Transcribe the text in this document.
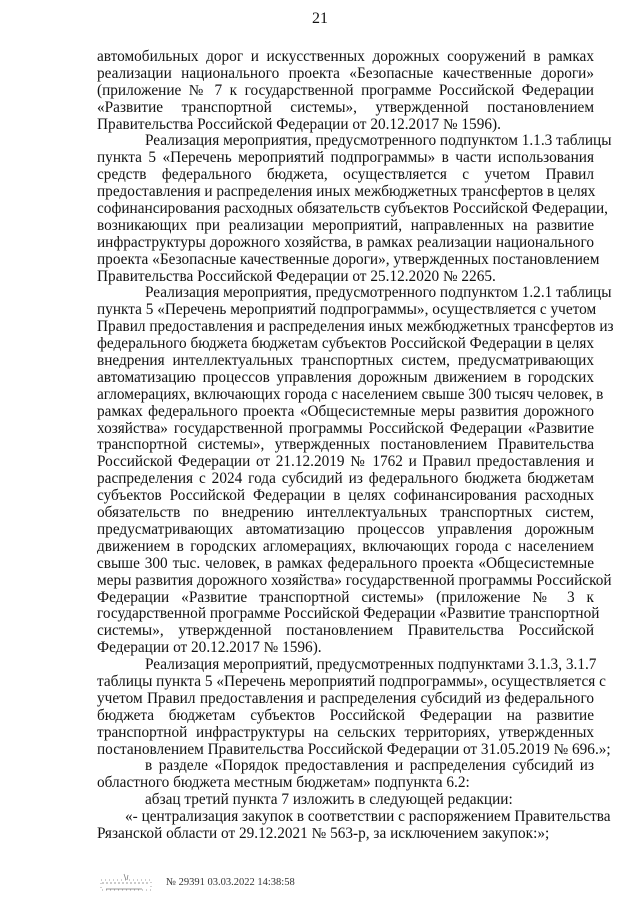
21
автомобильных дорог и искусственных дорожных сооружений в рамках
реализации национального проекта «Безопасные качественные дороги»
(приложение № 7 к государственной программе Российской Федерации
«Развитие транспортной системы», утвержденной постановлением
Правительства Российской Федерации от 20.12.2017 № 1596).
Реализация мероприятия, предусмотренного подпунктом 1.1.3 таблицы
пункта 5 «Перечень мероприятий подпрограммы» в части использования
средств федерального бюджета, осуществляется с учетом Правил
предоставления и распределения иных межбюджетных трансфертов в целях
софинансирования расходных обязательств субъектов Российской Федерации,
возникающих при реализации мероприятий, направленных на развитие
инфраструктуры дорожного хозяйства, в рамках реализации национального
проекта «Безопасные качественные дороги», утвержденных постановлением
Правительства Российской Федерации от 25.12.2020 № 2265.
Реализация мероприятия, предусмотренного подпунктом 1.2.1 таблицы
пункта 5 «Перечень мероприятий подпрограммы», осуществляется с учетом
Правил предоставления и распределения иных межбюджетных трансфертов из
федерального бюджета бюджетам субъектов Российской Федерации в целях
внедрения интеллектуальных транспортных систем, предусматривающих
автоматизацию процессов управления дорожным движением в городских
агломерациях, включающих города с населением свыше 300 тысяч человек, в
рамках федерального проекта «Общесистемные меры развития дорожного
хозяйства» государственной программы Российской Федерации «Развитие
транспортной системы», утвержденных постановлением Правительства
Российской Федерации от 21.12.2019 № 1762 и Правил предоставления и
распределения с 2024 года субсидий из федерального бюджета бюджетам
субъектов Российской Федерации в целях софинансирования расходных
обязательств по внедрению интеллектуальных транспортных систем,
предусматривающих автоматизацию процессов управления дорожным
движением в городских агломерациях, включающих города с населением
свыше 300 тыс. человек, в рамках федерального проекта «Общесистемные
меры развития дорожного хозяйства» государственной программы Российской
Федерации «Развитие транспортной системы» (приложение № 3 к
государственной программе Российской Федерации «Развитие транспортной
системы», утвержденной постановлением Правительства Российской
Федерации от 20.12.2017 № 1596).
Реализация мероприятий, предусмотренных подпунктами 3.1.3, 3.1.7
таблицы пункта 5 «Перечень мероприятий подпрограммы», осуществляется с
учетом Правил предоставления и распределения субсидий из федерального
бюджета бюджетам субъектов Российской Федерации на развитие
транспортной инфраструктуры на сельских территориях, утвержденных
постановлением Правительства Российской Федерации от 31.05.2019 № 696.»;
в разделе «Порядок предоставления и распределения субсидий из
областного бюджета местным бюджетам» подпункта 6.2:
абзац третий пункта 7 изложить в следующей редакции:
«- централизация закупок в соответствии с распоряжением Правительства
Рязанской области от 29.12.2021 № 563-р, за исключением закупок:»;
№ 29391 03.03.2022 14:38:58
